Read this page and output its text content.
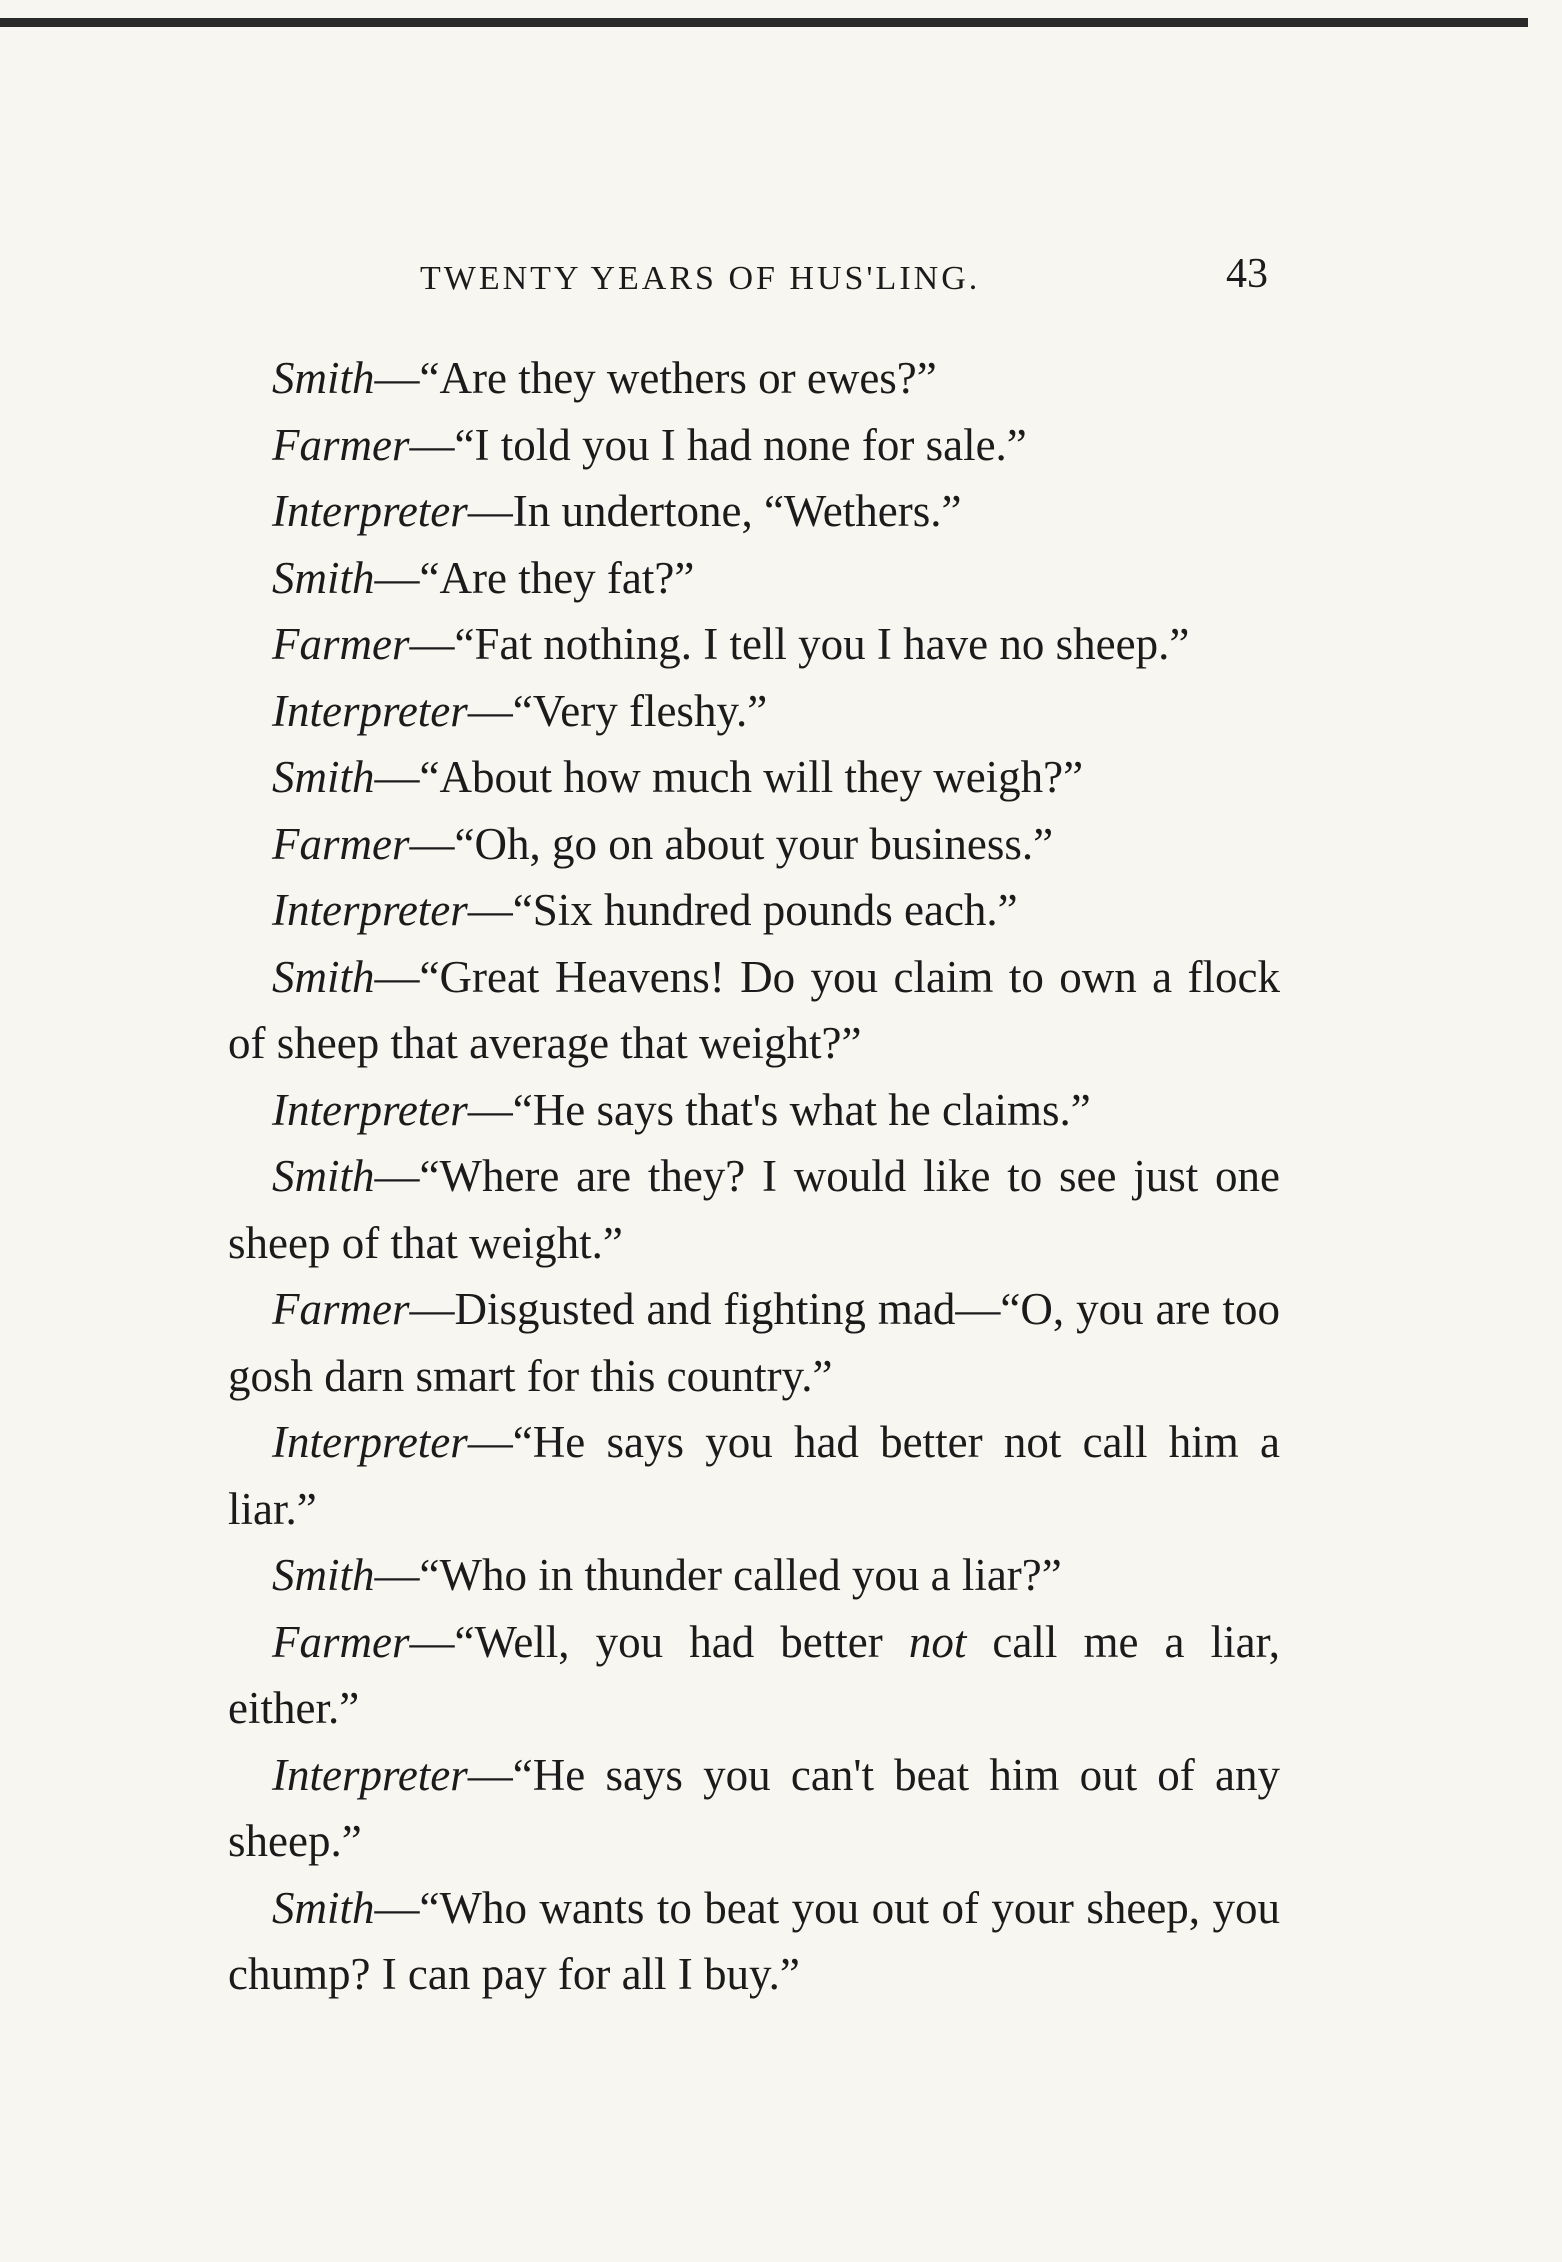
TWENTY YEARS OF HUS'LING.	43

Smith—“Are they wethers or ewes?”

Farmer—“I told you I had none for sale.”

Interpreter—In undertone, “Wethers.”

Smith—“Are they fat?”

Farmer—“Fat nothing. I tell you I have no sheep.”

Interpreter—“Very fleshy.”

Smith—“About how much will they weigh?”

Farmer—“Oh, go on about your business.”

Interpreter—“Six hundred pounds each.”

Smith—“Great Heavens! Do you claim to own a flock of sheep that average that weight?”

Interpreter—“He says that's what he claims.”

Smith—“Where are they? I would like to see just one sheep of that weight.”

Farmer—Disgusted and fighting mad—“O, you are too gosh darn smart for this country.”

Interpreter—“He says you had better not call him a liar.”

Smith—“Who in thunder called you a liar?”

Farmer—“Well, you had better not call me a liar, either.”

Interpreter—“He says you can't beat him out of any sheep.”

Smith—“Who wants to beat you out of your sheep, you chump? I can pay for all I buy.”
